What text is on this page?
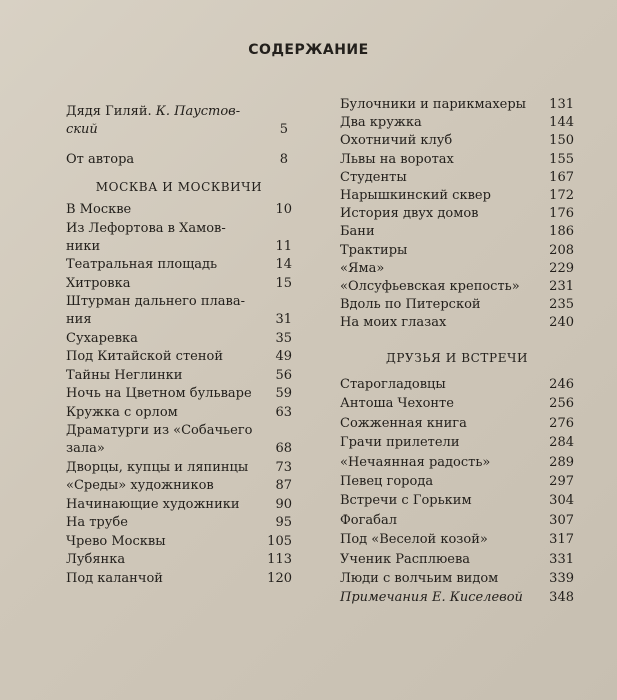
СОДЕРЖАНИЕ
Дядя Гиляй. К. Паустов-
ский	5
От автора	8
МОСКВА И МОСКВИЧИ
В Москве	10
Из Лефортова в Хамов-
ники	11
Театральная площадь	14
Хитровка	15
Штурман дальнего плава-
ния	31
Сухаревка	35
Под Китайской стеной	49
Тайны Неглинки	56
Ночь на Цветном бульваре 59
Кружка с орлом	63
Драматурги из «Собачьего
зала»	68
Дворцы, купцы и ляпинцы 73
«Среды» художников	87
Начинающие художники	90
На трубе	95
Чрево Москвы	105
Лубянка	113
Под каланчой	120
Булочники и парикмахеры 131
Два кружка	144
Охотничий клуб	150
Львы на воротах	155
Студенты	167
Нарышкинский сквер	172
История двух домов	176
Бани	186
Трактиры	208
«Яма»	229
«Олсуфьевская крепость» 231
Вдоль по Питерской	235
На моих глазах	240
ДРУЗЬЯ И ВСТРЕЧИ
Старогладовцы	246
Антоша Чехонте	256
Сожженная книга	276
Грачи прилетели	284
«Нечаянная радость»	289
Певец города	297
Встречи с Горьким	304
Фогабал	307
Под «Веселой козой»	317
Ученик Расплюева	331
Люди с волчьим видом	339
Примечания Е. Киселевой 348
